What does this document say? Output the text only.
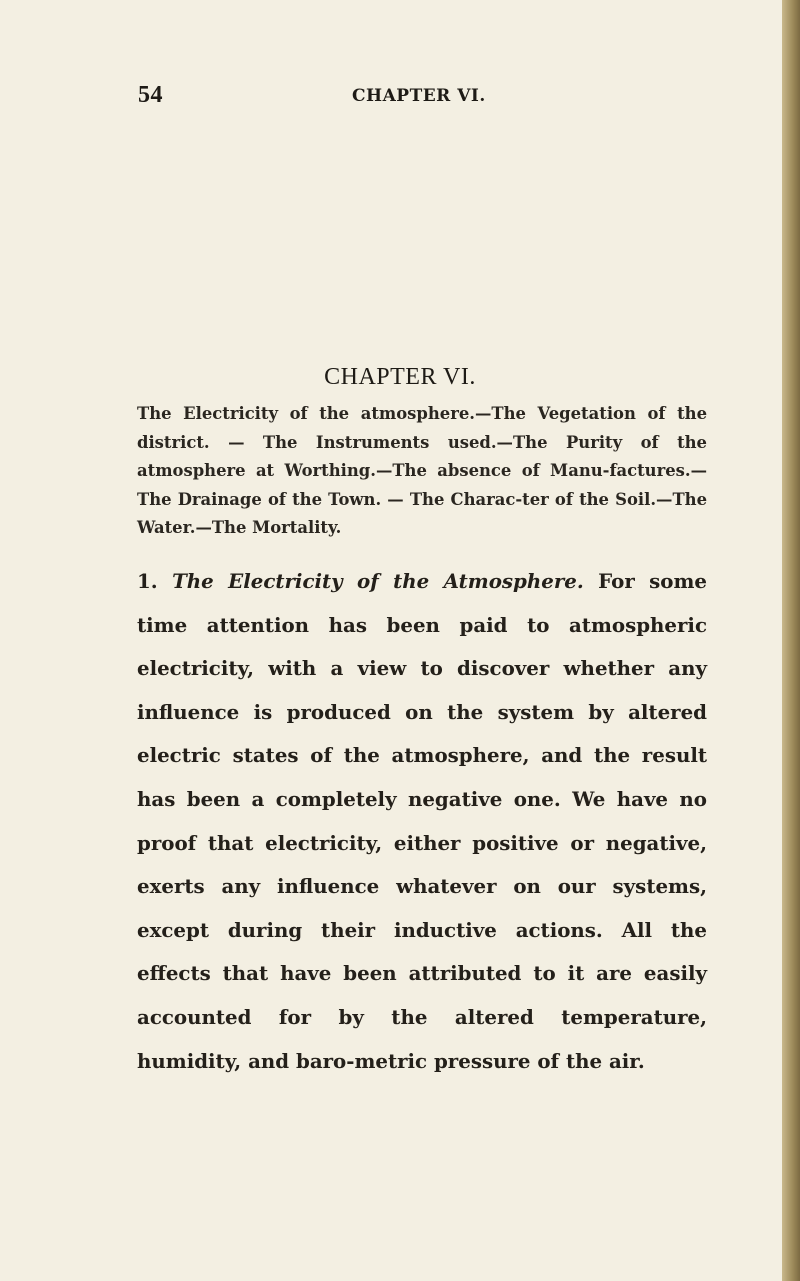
54	CHAPTER VI.
CHAPTER VI.

The Electricity of the atmosphere.—The Vegetation of the district. — The Instruments used.—The Purity of the atmosphere at Worthing.—The absence of Manu-factures.—The Drainage of the Town. — The Charac-ter of the Soil.—The Water.—The Mortality.

1. The Electricity of the Atmosphere. For some time attention has been paid to atmospheric electricity, with a view to discover whether any influence is produced on the system by altered electric states of the atmosphere, and the result has been a completely negative one. We have no proof that electricity, either positive or negative, exerts any influence whatever on our systems, except during their inductive actions. All the effects that have been attributed to it are easily accounted for by the altered temperature, humidity, and baro-metric pressure of the air.
